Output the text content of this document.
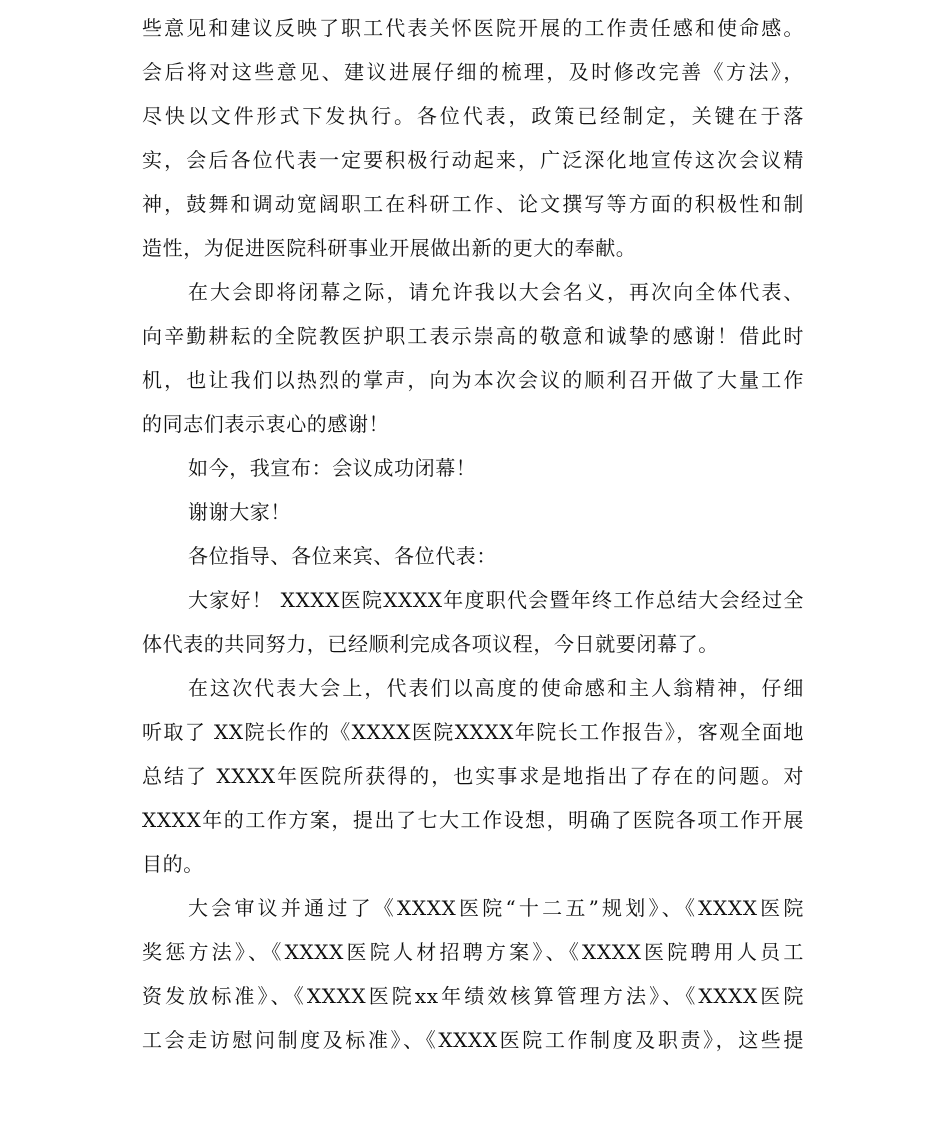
些意见和建议反映了职工代表关怀医院开展的工作责任感和使命感。
会后将对这些意见、建议进展仔细的梳理，及时修改完善《方法》，
尽快以文件形式下发执行。各位代表，政策已经制定，关键在于落
实，会后各位代表一定要积极行动起来，广泛深化地宣传这次会议精
神，鼓舞和调动宽阔职工在科研工作、论文撰写等方面的积极性和制
造性，为促进医院科研事业开展做出新的更大的奉献。
在大会即将闭幕之际，请允许我以大会名义，再次向全体代表、
向辛勤耕耘的全院教医护职工表示崇高的敬意和诚挚的感谢！借此时
机，也让我们以热烈的掌声，向为本次会议的顺利召开做了大量工作
的同志们表示衷心的感谢！
如今，我宣布：会议成功闭幕！
谢谢大家！
各位指导、各位来宾、各位代表：
大家好！ XXXX医院XXXX年度职代会暨年终工作总结大会经过全
体代表的共同努力，已经顺利完成各项议程，今日就要闭幕了。
在这次代表大会上，代表们以高度的使命感和主人翁精神，仔细
听取了 XX院长作的《XXXX医院XXXX年院长工作报告》，客观全面地
总结了 XXXX年医院所获得的，也实事求是地指出了存在的问题。对
XXXX年的工作方案，提出了七大工作设想，明确了医院各项工作开展
目的。
大会审议并通过了《XXXX医院“十二五”规划》、《XXXX医院
奖惩方法》、《XXXX医院人材招聘方案》、《XXXX医院聘用人员工
资发放标准》、《XXXX医院xx年绩效核算管理方法》、《XXXX医院
工会走访慰问制度及标准》、《XXXX医院工作制度及职责》，这些提
